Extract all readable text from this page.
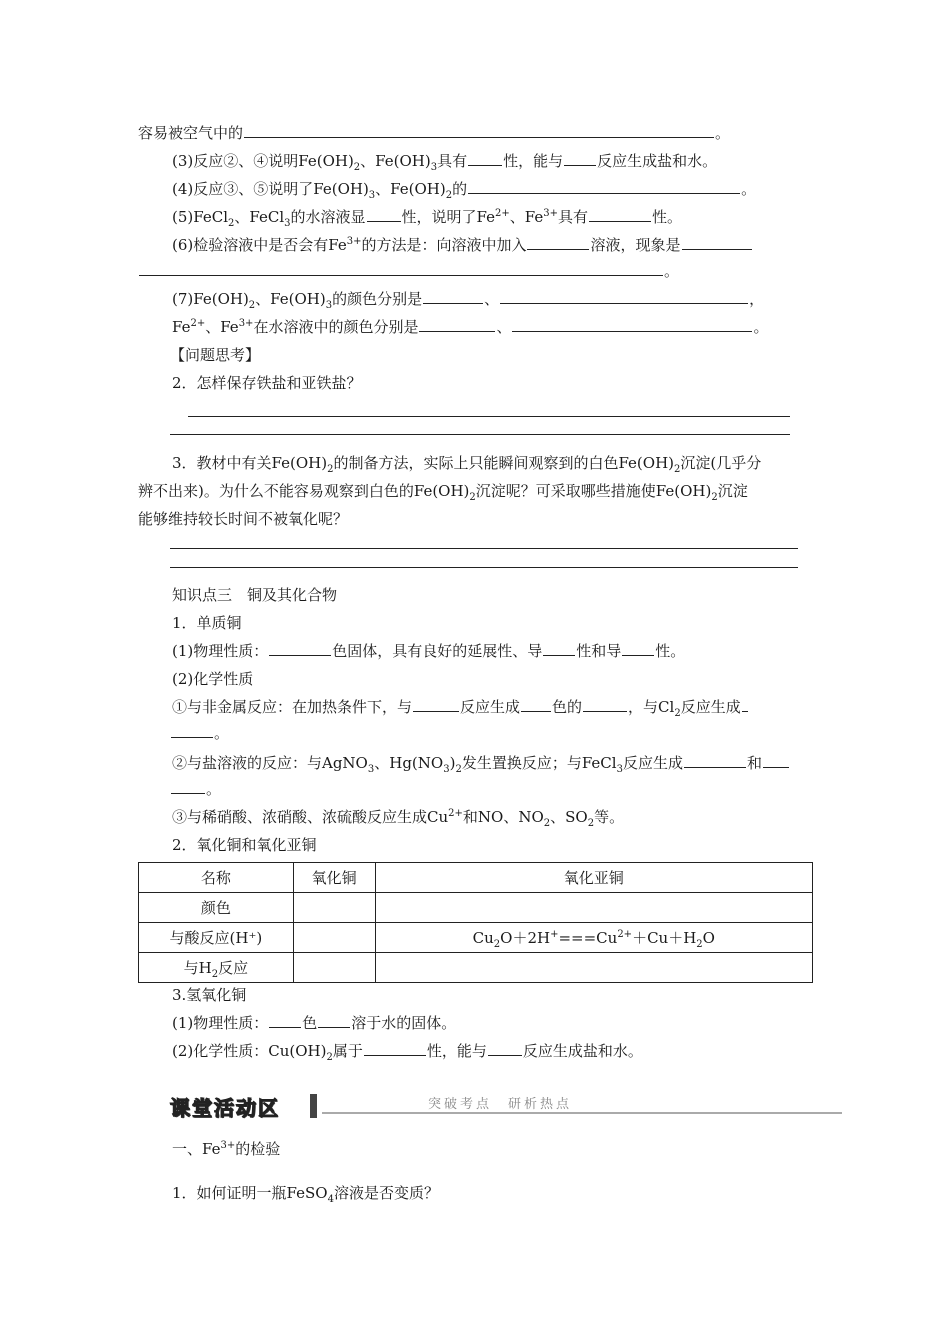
容易被空气中的	。
(3)反应②、④说明$Fe(OH)_2$、$Fe(OH)_3$具有 性，能与 反应生成盐和水。
(4)反应③、⑤说明了$Fe(OH)_3$、$Fe(OH)_2$的	。
(5)FeCl$_2$、FeCl$_3$的水溶液显 性，说明了$Fe^{2+}$、$Fe^{3+}$具有	性。
(6)检验溶液中是否会有$Fe^{3+}$的方法是：向溶液中加入	溶液，现象是
。
$(7)Fe(OH)_2$、$Fe(OH)_3$的颜色分别是	、	，
$Fe^{2+}$、$Fe^{3+}$在水溶液中的颜色分别是	、	。
【问题思考】
2．怎样保存铁盐和亚铁盐？
3．教材中有关$Fe(OH)_2$的制备方法，实际上只能瞬间观察到的白色$Fe(OH)_2$沉淀(几乎分
辨不出来)。为什么不能容易观察到白色的$Fe(OH)_2$沉淀呢？可采取哪些措施使$Fe(OH)_2$沉淀
能够维持较长时间不被氧化呢？
知识点三　铜及其化合物
1．单质铜
(1)物理性质：	色固体，具有良好的延展性、导 性和导 性。
(2)化学性质
①与非金属反应：在加热条件下，与	反应生成 色的	，与$Cl_2$反应生成
。
②与盐溶液的反应：与AgNO$_3$、$Hg(NO_3)_2$发生置换反应；与FeCl$_3$反应生成	和
。
③与稀硝酸、浓硝酸、浓硫酸反应生成$Cu^{2+}$和NO、$NO_2$、$SO_2$等。
2．氧化铜和氧化亚铜
名称	氧化铜	氧化亚铜
颜色		
与酸反应(H⁺)		$Cu_2O+2H^+===Cu^{2+}+Cu+H_2O$
与$H_2$反应		
3.氢氧化铜
(1)物理性质： 色 溶于水的固体。
(2)化学性质：$Cu(OH)_2$属于	性，能与 反应生成盐和水。
课堂活动区	突破考点　研析热点
一、$Fe^{3+}$的检验
1．如何证明一瓶FeSO$_4$溶液是否变质？
